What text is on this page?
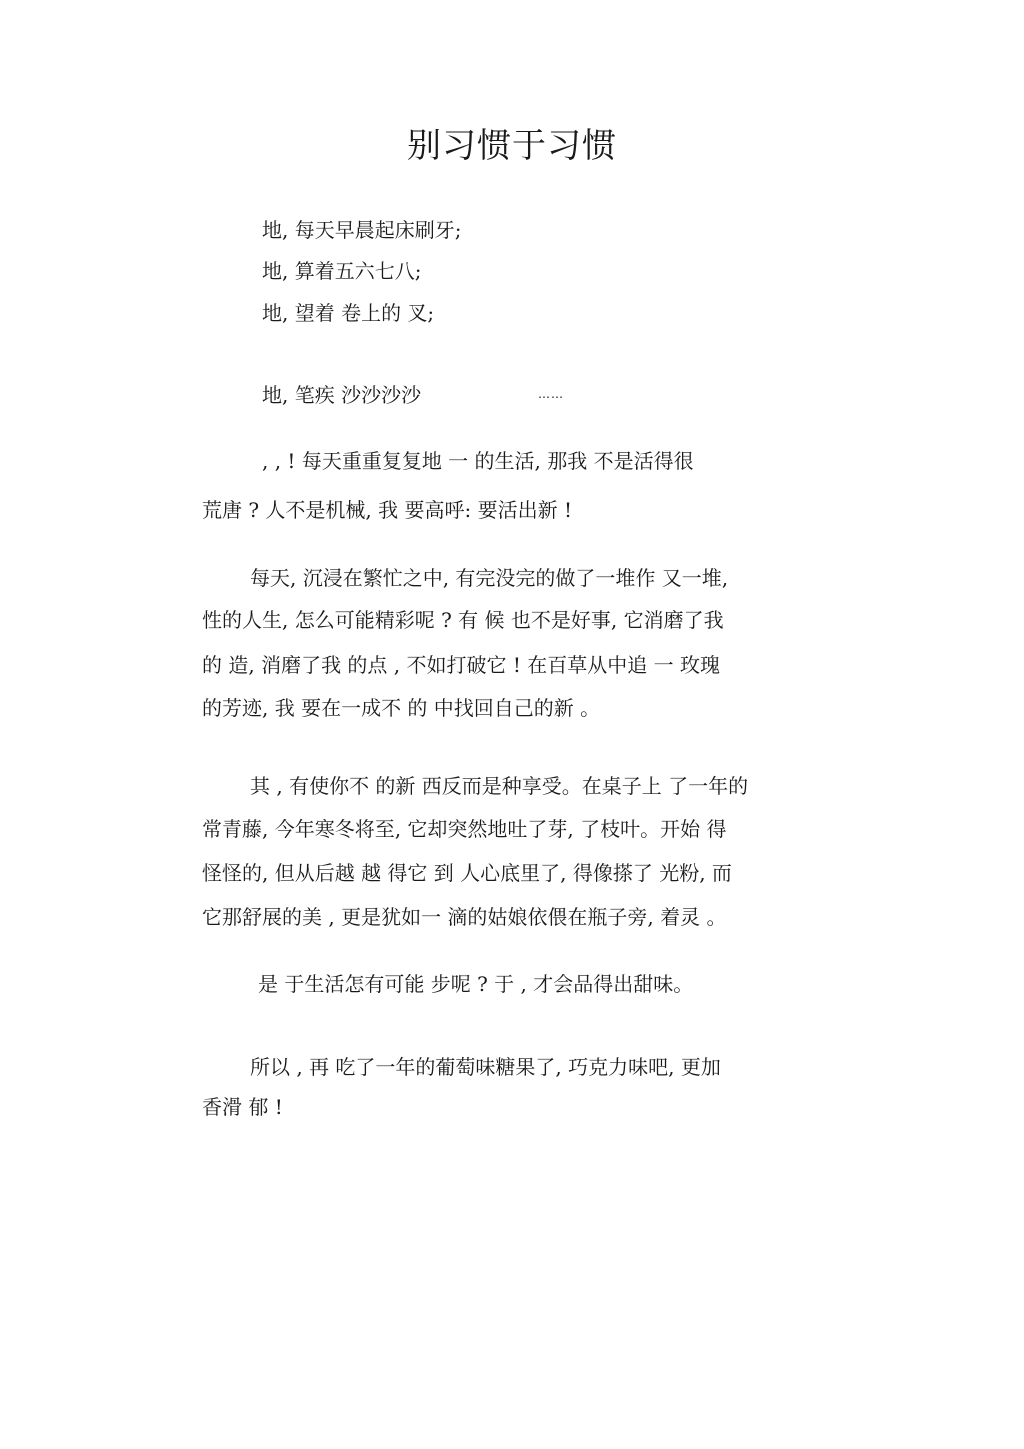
别习惯于习惯

地, 每天早晨起床刷牙;

地, 算着五六七八;

地, 望着 卷上的 叉;

地, 笔疾 沙沙沙沙	……

, , ! 每天重重复复地 一 的生活, 那我 不是活得很

荒唐 ? 人不是机械, 我 要高呼: 要活出新 !

每天, 沉浸在繁忙之中, 有完没完的做了一堆作 又一堆,

性的人生, 怎么可能精彩呢 ? 有 候 也不是好事, 它消磨了我

的 造, 消磨了我 的点 , 不如打破它 ! 在百草从中追 一 玫瑰

的芳迹, 我 要在一成不 的 中找回自己的新 。

其 , 有使你不 的新 西反而是种享受。在桌子上 了一年的

常青藤, 今年寒冬将至, 它却突然地吐了芽, 了枝叶。开始 得

怪怪的, 但从后越 越 得它 到 人心底里了, 得像搽了 光粉, 而

它那舒展的美 , 更是犹如一 滴的姑娘依偎在瓶子旁, 着灵 。

是 于生活怎有可能 步呢 ? 于 , 才会品得出甜味。

所以 , 再 吃了一年的葡萄味糖果了, 巧克力味吧, 更加

香滑 郁 !
